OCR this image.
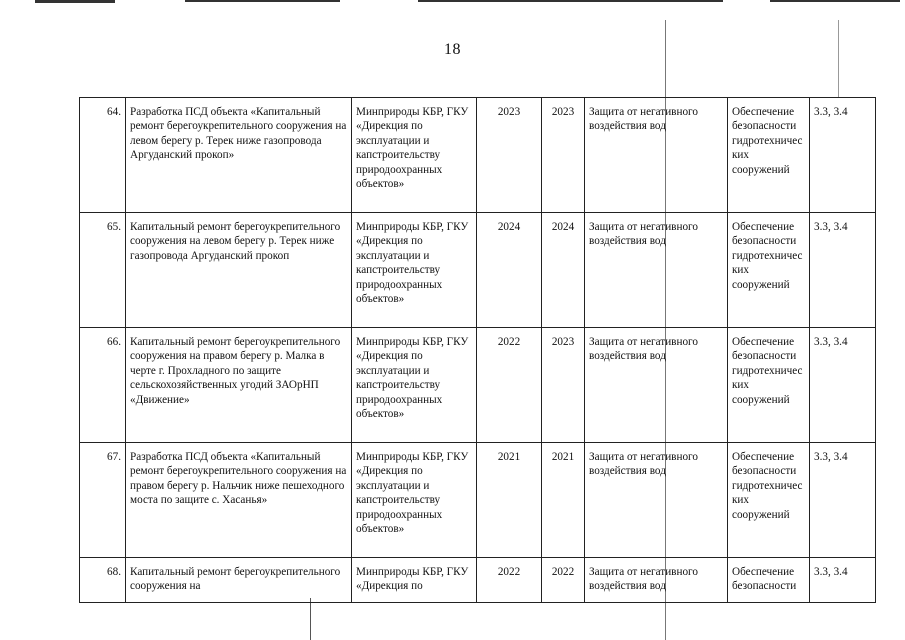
18
64.	Разработка ПСД объекта «Капитальный ремонт берегоукрепительного сооружения на левом берегу р. Терек ниже газопровода Аргуданский прокоп»	Минприроды КБР, ГКУ «Дирекция по эксплуатации и капстроительству природоохранных объектов»	2023	2023	Защита от негативного воздействия вод	Обеспечение безопасности гидротехничес ких сооружений	3.3, 3.4
65.	Капитальный ремонт берегоукрепительного сооружения на левом берегу р. Терек ниже газопровода Аргуданский прокоп	Минприроды КБР, ГКУ «Дирекция по эксплуатации и капстроительству природоохранных объектов»	2024	2024	Защита от негативного воздействия вод	Обеспечение безопасности гидротехничес ких сооружений	3.3, 3.4
66.	Капитальный ремонт берегоукрепительного сооружения на правом берегу р. Малка в черте г. Прохладного по защите сельскохозяйственных угодий ЗАОрНП «Движение»	Минприроды КБР, ГКУ «Дирекция по эксплуатации и капстроительству природоохранных объектов»	2022	2023	Защита от негативного воздействия вод	Обеспечение безопасности гидротехничес ких сооружений	3.3, 3.4
67.	Разработка ПСД объекта «Капитальный ремонт берегоукрепительного сооружения на правом берегу р. Нальчик ниже пешеходного моста по защите с. Хасанья»	Минприроды КБР, ГКУ «Дирекция по эксплуатации и капстроительству природоохранных объектов»	2021	2021	Защита от негативного воздействия вод	Обеспечение безопасности гидротехничес ких сооружений	3.3, 3.4
68.	Капитальный ремонт берегоукрепительного сооружения на	Минприроды КБР, ГКУ «Дирекция по	2022	2022	Защита от негативного воздействия вод	Обеспечение безопасности	3.3, 3.4
